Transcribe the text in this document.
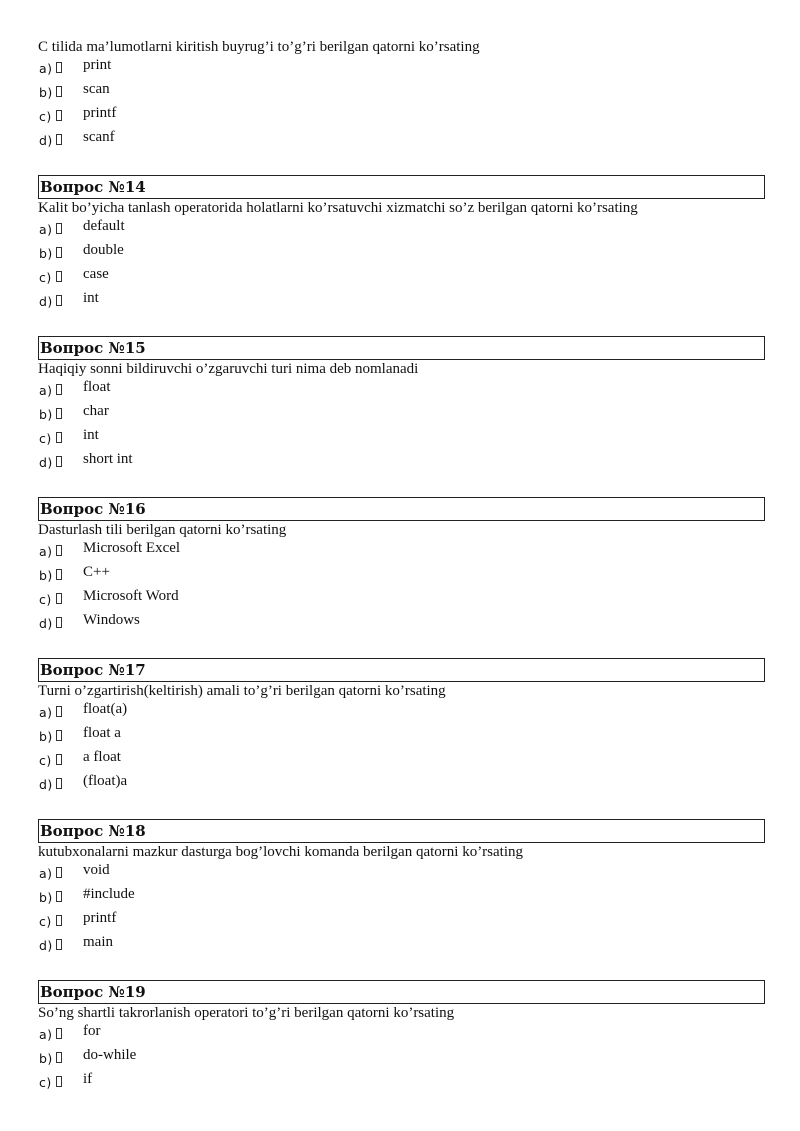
C tilida ma’lumotlarni kiritish buyrug’i to’g’ri berilgan qatorni ko’rsating
a) print
b) scan
c) printf
d) scanf
Вопрос №14
Kalit bo’yicha tanlash operatorida holatlarni ko’rsatuvchi xizmatchi so’z berilgan qatorni ko’rsating
a) default
b) double
c) case
d) int
Вопрос №15
Haqiqiy sonni bildiruvchi o’zgaruvchi turi nima deb nomlanadi
a) float
b) char
c) int
d) short int
Вопрос №16
Dasturlash tili berilgan qatorni ko’rsating
a) Microsoft Excel
b) C++
c) Microsoft Word
d) Windows
Вопрос №17
Turni o’zgartirish(keltirish) amali to’g’ri berilgan qatorni ko’rsating
a) float(a)
b) float a
c) a float
d) (float)a
Вопрос №18
kutubxonalarni mazkur dasturga bog’lovchi komanda berilgan qatorni ko’rsating
a) void
b) #include
c) printf
d) main
Вопрос №19
So’ng shartli takrorlanish operatori to’g’ri berilgan qatorni ko’rsating
a) for
b) do-while
c) if
